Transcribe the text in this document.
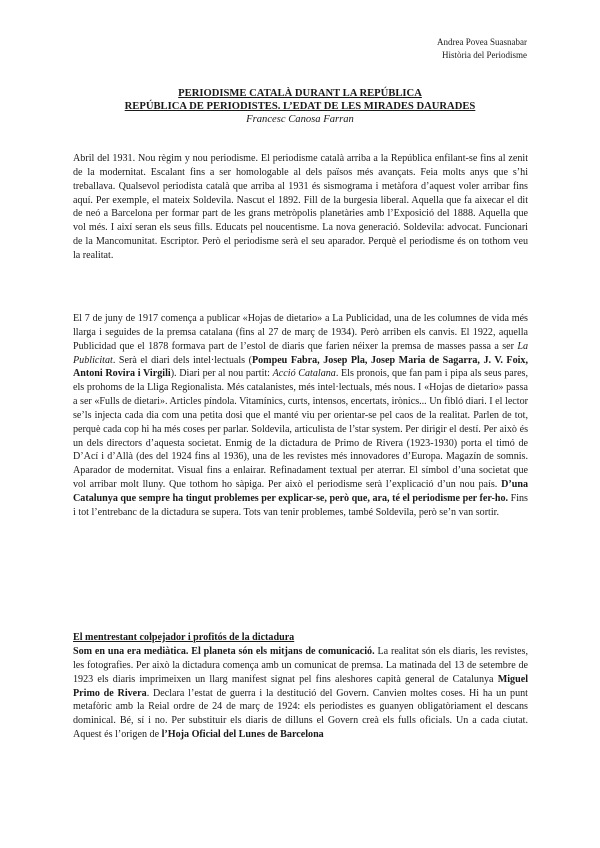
Andrea Povea Suasnabar
Història del Periodisme

PERIODISME CATALÀ DURANT LA REPÚBLICA

REPÚBLICA DE PERIODISTES. L’EDAT DE LES MIRADES DAURADES

Francesc Canosa Farran

Abril del 1931. Nou règim y nou periodisme. El periodisme català arriba a la República enfilant-se fins al zenit de la modernitat. Escalant fins a ser homologable al dels països més avançats. Feia molts anys que s’hi treballava. Qualsevol periodista català que arriba al 1931 és sismograma i metàfora d’aquest voler arribar fins aquí. Per exemple, el mateix Soldevila. Nascut el 1892. Fill de la burgesia liberal. Aquella que fa aixecar el dit de neó a Barcelona per formar part de les grans metròpolis planetàries amb l’Exposició del 1888. Aquella que vol més. I així seran els seus fills. Educats pel noucentisme. La nova generació. Soldevila: advocat. Funcionari de la Mancomunitat. Escriptor. Però el periodisme serà el seu aparador. Perquè el periodisme és on tothom veu la realitat.

El 7 de juny de 1917 comença a publicar «Hojas de dietario» a La Publicidad, una de les columnes de vida més llarga i seguides de la premsa catalana (fins al 27 de març de 1934). Però arriben els canvis. El 1922, aquella Publicidad que el 1878 formava part de l’estol de diaris que farien néixer la premsa de masses passa a ser La Publicitat. Serà el diari dels intel·lectuals (Pompeu Fabra, Josep Pla, Josep Maria de Sagarra, J. V. Foix, Antoni Rovira i Virgili). Diari per al nou partit: Acció Catalana. Els pronois, que fan pam i pipa als seus pares, els prohoms de la Lliga Regionalista. Més catalanistes, més intel·lectuals, més nous. I «Hojas de dietario» passa a ser «Fulls de dietari». Articles píndola. Vitamínics, curts, intensos, encertats, irònics... Un fibló diari. I el lector se’ls injecta cada dia com una petita dosi que el manté viu per orientar-se pel caos de la realitat. Parlen de tot, perquè cada cop hi ha més coses per parlar. Soldevila, articulista de l’star system. Per dirigir el destí. Per això és un dels directors d’aquesta societat. Enmig de la dictadura de Primo de Rivera (1923-1930) porta el timó de D’Ací i d’Allà (des del 1924 fins al 1936), una de les revistes més innovadores d’Europa. Magazín de somnis. Aparador de modernitat. Visual fins a enlairar. Refinadament textual per aterrar. El símbol d’una societat que vol arribar molt lluny. Que tothom ho sàpiga. Per això el periodisme serà l’explicació d’un nou país. D’una Catalunya que sempre ha tingut problemes per explicar-se, però que, ara, té el periodisme per fer-ho. Fins i tot l’entrebanc de la dictadura se supera. Tots van tenir problemes, també Soldevila, però se’n van sortir.

El mentrestant colpejador i profitós de la dictadura

Som en una era mediàtica. El planeta són els mitjans de comunicació. La realitat són els diaris, les revistes, les fotografies. Per això la dictadura comença amb un comunicat de premsa. La matinada del 13 de setembre de 1923 els diaris imprimeixen un llarg manifest signat pel fins aleshores capità general de Catalunya Miguel Primo de Rivera. Declara l’estat de guerra i la destitució del Govern. Canvien moltes coses. Hi ha un punt metafòric amb la Reial ordre de 24 de març de 1924: els periodistes es guanyen obligatòriament el descans dominical. Bé, sí i no. Per substituir els diaris de dilluns el Govern creà els fulls oficials. Un a cada ciutat. Aquest és l’origen de l’Hoja Oficial del Lunes de Barcelona
